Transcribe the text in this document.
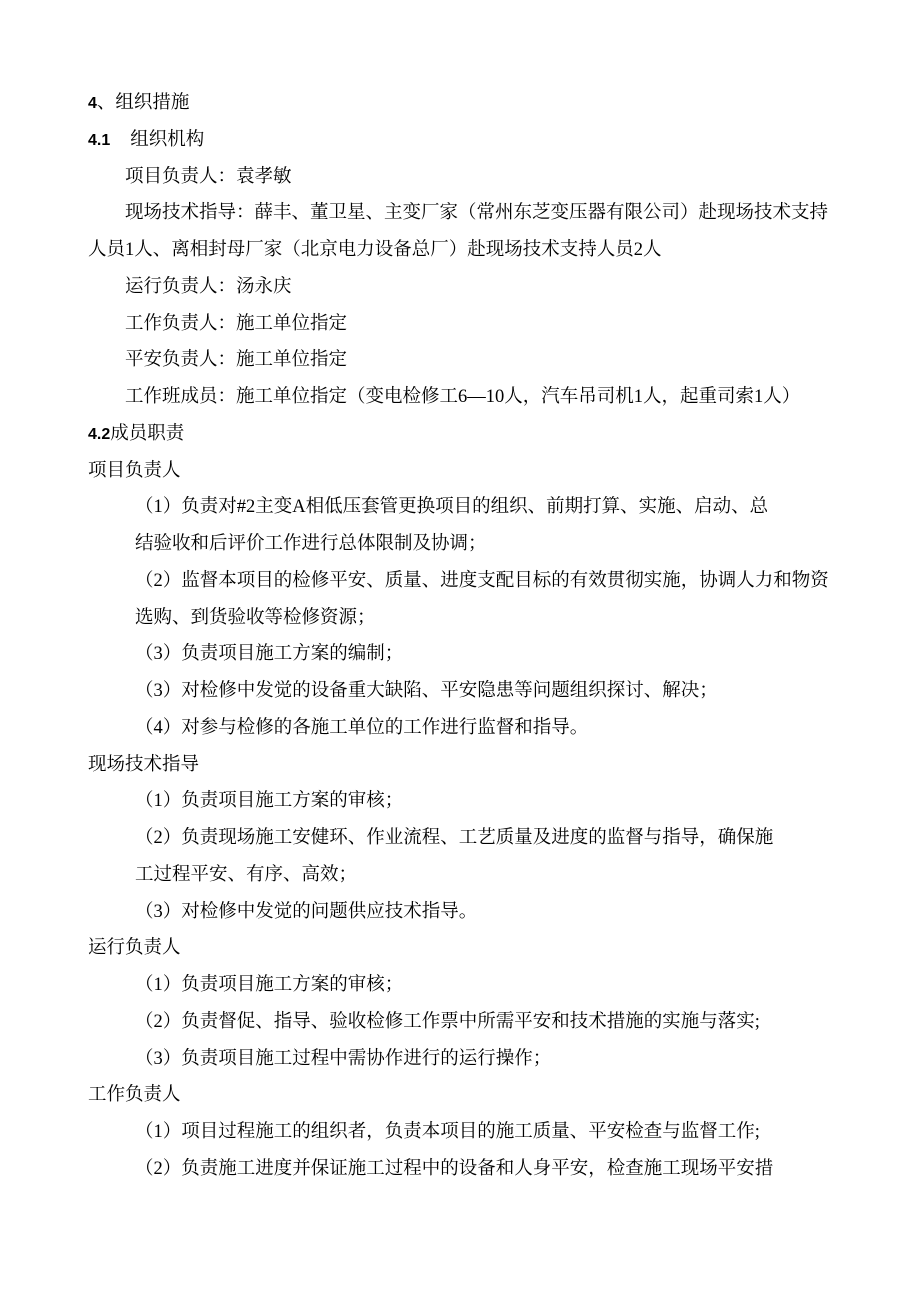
4、组织措施
4.1 组织机构
项目负责人：袁孝敏
现场技术指导：薛丰、董卫星、主变厂家（常州东芝变压器有限公司）赴现场技术支持
人员1人、离相封母厂家（北京电力设备总厂）赴现场技术支持人员2人
运行负责人：汤永庆
工作负责人：施工单位指定
平安负责人：施工单位指定
工作班成员：施工单位指定（变电检修工6—10人，汽车吊司机1人，起重司索1人）
4.2成员职责
项目负责人
（1）负责对#2主变A相低压套管更换项目的组织、前期打算、实施、启动、总
结验收和后评价工作进行总体限制及协调；
（2）监督本项目的检修平安、质量、进度支配目标的有效贯彻实施，协调人力和物资
选购、到货验收等检修资源；
（3）负责项目施工方案的编制；
（3）对检修中发觉的设备重大缺陷、平安隐患等问题组织探讨、解决；
（4）对参与检修的各施工单位的工作进行监督和指导。
现场技术指导
（1）负责项目施工方案的审核；
（2）负责现场施工安健环、作业流程、工艺质量及进度的监督与指导，确保施
工过程平安、有序、高效；
（3）对检修中发觉的问题供应技术指导。
运行负责人
（1）负责项目施工方案的审核；
（2）负责督促、指导、验收检修工作票中所需平安和技术措施的实施与落实;
（3）负责项目施工过程中需协作进行的运行操作；
工作负责人
（1）项目过程施工的组织者，负责本项目的施工质量、平安检查与监督工作;
（2）负责施工进度并保证施工过程中的设备和人身平安，检查施工现场平安措
